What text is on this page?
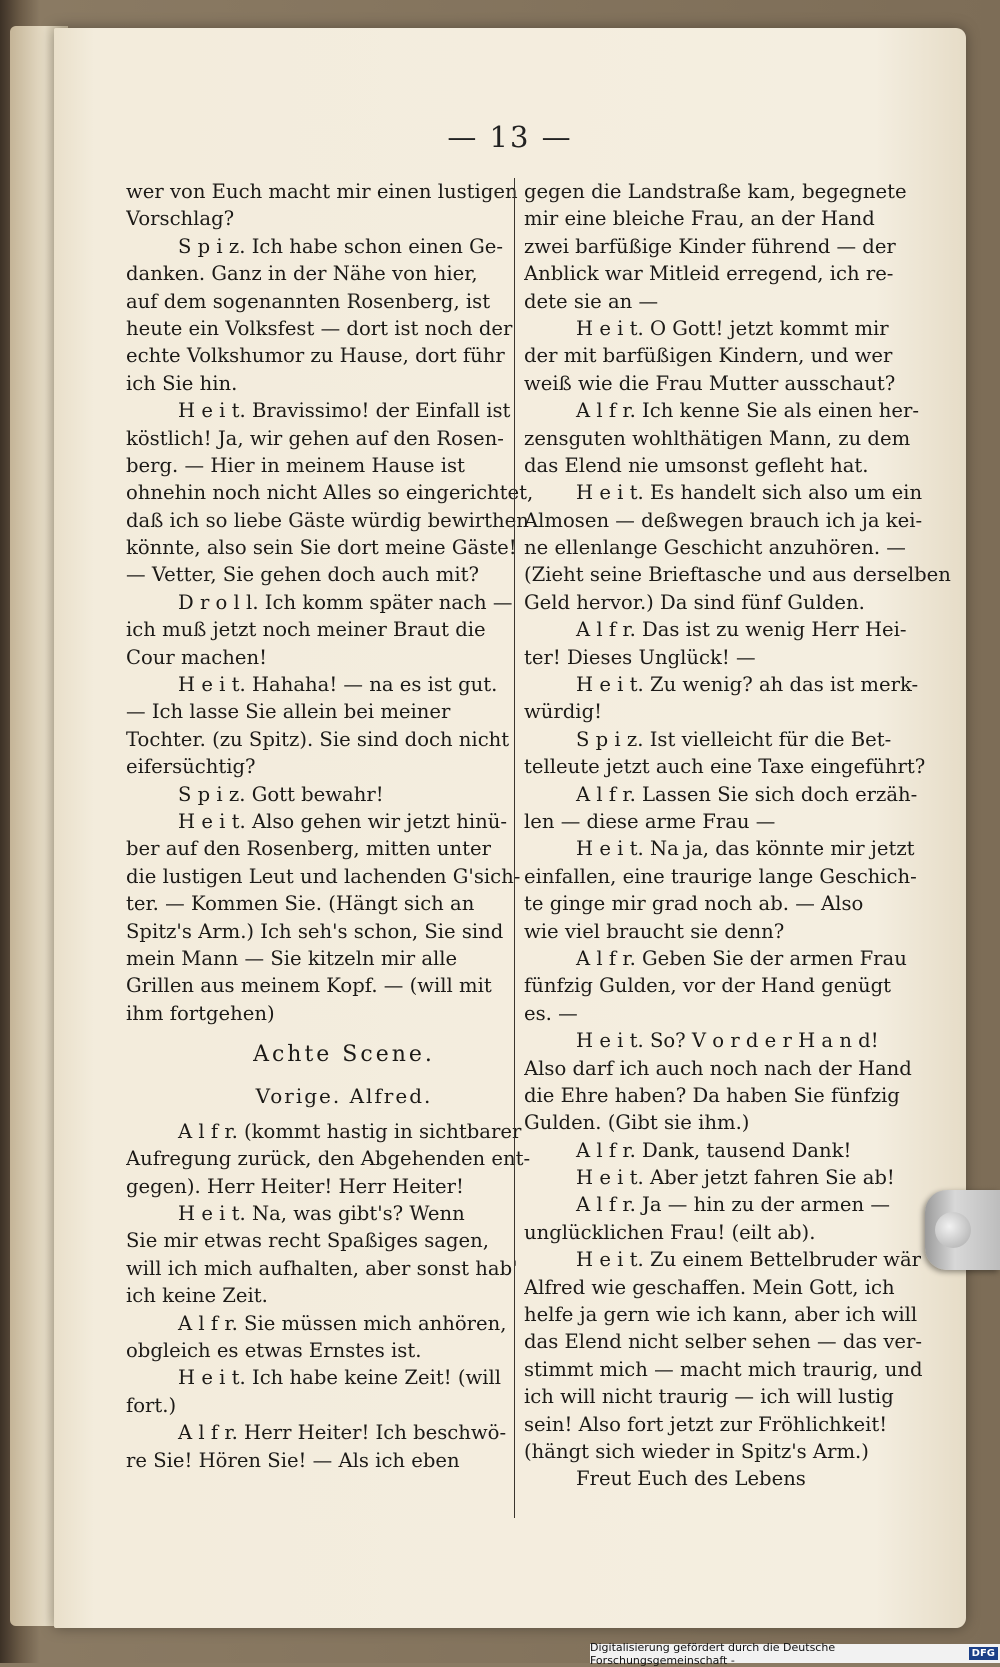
— 13 —
wer von Euch macht mir einen lustigen
Vorschlag?
S p i z. Ich habe schon einen Ge-
danken. Ganz in der Nähe von hier,
auf dem sogenannten Rosenberg, ist
heute ein Volksfest — dort ist noch der
echte Volkshumor zu Hause, dort führ
ich Sie hin.
H e i t. Bravissimo! der Einfall ist
köstlich! Ja, wir gehen auf den Rosen-
berg. — Hier in meinem Hause ist
ohnehin noch nicht Alles so eingerichtet,
daß ich so liebe Gäste würdig bewirthen
könnte, also sein Sie dort meine Gäste!
— Vetter, Sie gehen doch auch mit?
D r o l l. Ich komm später nach —
ich muß jetzt noch meiner Braut die
Cour machen!
H e i t. Hahaha! — na es ist gut.
— Ich lasse Sie allein bei meiner
Tochter. (zu Spitz). Sie sind doch nicht
eifersüchtig?
S p i z. Gott bewahr!
H e i t. Also gehen wir jetzt hinü-
ber auf den Rosenberg, mitten unter
die lustigen Leut und lachenden G'sich-
ter. — Kommen Sie. (Hängt sich an
Spitz's Arm.) Ich seh's schon, Sie sind
mein Mann — Sie kitzeln mir alle
Grillen aus meinem Kopf. — (will mit
ihm fortgehen)
Achte Scene.
Vorige. Alfred.
A l f r. (kommt hastig in sichtbarer
Aufregung zurück, den Abgehenden ent-
gegen). Herr Heiter! Herr Heiter!
H e i t. Na, was gibt's? Wenn
Sie mir etwas recht Spaßiges sagen,
will ich mich aufhalten, aber sonst hab'
ich keine Zeit.
A l f r. Sie müssen mich anhören,
obgleich es etwas Ernstes ist.
H e i t. Ich habe keine Zeit! (will
fort.)
A l f r. Herr Heiter! Ich beschwö-
re Sie! Hören Sie! — Als ich eben
gegen die Landstraße kam, begegnete
mir eine bleiche Frau, an der Hand
zwei barfüßige Kinder führend — der
Anblick war Mitleid erregend, ich re-
dete sie an —
H e i t. O Gott! jetzt kommt mir
der mit barfüßigen Kindern, und wer
weiß wie die Frau Mutter ausschaut?
A l f r. Ich kenne Sie als einen her-
zensguten wohlthätigen Mann, zu dem
das Elend nie umsonst gefleht hat.
H e i t. Es handelt sich also um ein
Almosen — deßwegen brauch ich ja kei-
ne ellenlange Geschicht anzuhören. —
(Zieht seine Brieftasche und aus derselben
Geld hervor.) Da sind fünf Gulden.
A l f r. Das ist zu wenig Herr Hei-
ter! Dieses Unglück! —
H e i t. Zu wenig? ah das ist merk-
würdig!
S p i z. Ist vielleicht für die Bet-
telleute jetzt auch eine Taxe eingeführt?
A l f r. Lassen Sie sich doch erzäh-
len — diese arme Frau —
H e i t. Na ja, das könnte mir jetzt
einfallen, eine traurige lange Geschich-
te ginge mir grad noch ab. — Also
wie viel braucht sie denn?
A l f r. Geben Sie der armen Frau
fünfzig Gulden, vor der Hand genügt
es. —
H e i t. So? V o r d e r H a n d!
Also darf ich auch noch nach der Hand
die Ehre haben? Da haben Sie fünfzig
Gulden. (Gibt sie ihm.)
A l f r. Dank, tausend Dank!
H e i t. Aber jetzt fahren Sie ab!
A l f r. Ja — hin zu der armen —
unglücklichen Frau! (eilt ab).
H e i t. Zu einem Bettelbruder wär
Alfred wie geschaffen. Mein Gott, ich
helfe ja gern wie ich kann, aber ich will
das Elend nicht selber sehen — das ver-
stimmt mich — macht mich traurig, und
ich will nicht traurig — ich will lustig
sein! Also fort jetzt zur Fröhlichkeit!
(hängt sich wieder in Spitz's Arm.)
Freut Euch des Lebens
Digitalisierung gefördert durch die Deutsche Forschungsgemeinschaft -	DFG
